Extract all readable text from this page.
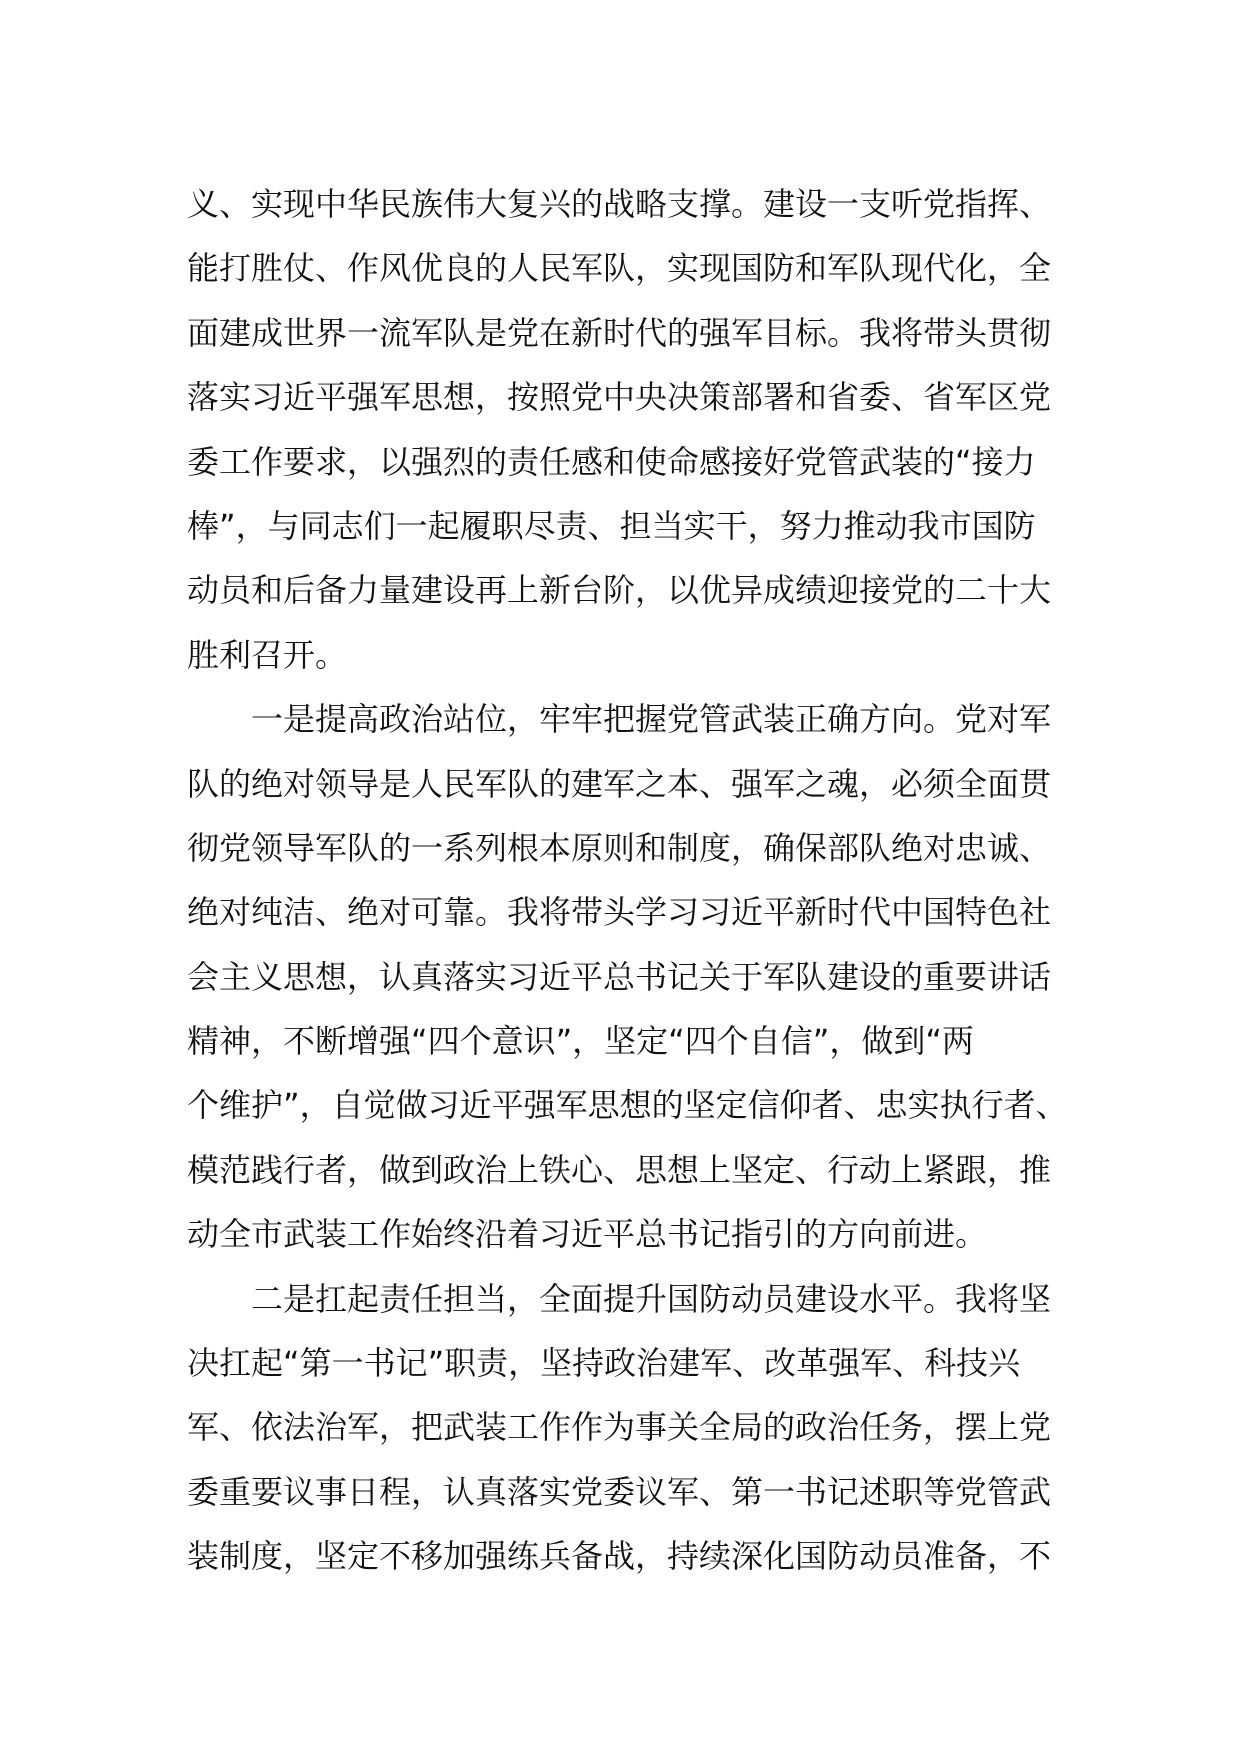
义、实现中华民族伟大复兴的战略支撑。建设一支听党指挥、
能打胜仗、作风优良的人民军队，实现国防和军队现代化，全
面建成世界一流军队是党在新时代的强军目标。我将带头贯彻
落实习近平强军思想，按照党中央决策部署和省委、省军区党
委工作要求，以强烈的责任感和使命感接好党管武装的“接力
棒”，与同志们一起履职尽责、担当实干，努力推动我市国防
动员和后备力量建设再上新台阶，以优异成绩迎接党的二十大
胜利召开。
一是提高政治站位，牢牢把握党管武装正确方向。党对军
队的绝对领导是人民军队的建军之本、强军之魂，必须全面贯
彻党领导军队的一系列根本原则和制度，确保部队绝对忠诚、
绝对纯洁、绝对可靠。我将带头学习习近平新时代中国特色社
会主义思想，认真落实习近平总书记关于军队建设的重要讲话
精神，不断增强“四个意识”，坚定“四个自信”，做到“两
个维护”，自觉做习近平强军思想的坚定信仰者、忠实执行者、
模范践行者，做到政治上铁心、思想上坚定、行动上紧跟，推
动全市武装工作始终沿着习近平总书记指引的方向前进。
二是扛起责任担当，全面提升国防动员建设水平。我将坚
决扛起“第一书记”职责，坚持政治建军、改革强军、科技兴
军、依法治军，把武装工作作为事关全局的政治任务，摆上党
委重要议事日程，认真落实党委议军、第一书记述职等党管武
装制度，坚定不移加强练兵备战，持续深化国防动员准备，不
